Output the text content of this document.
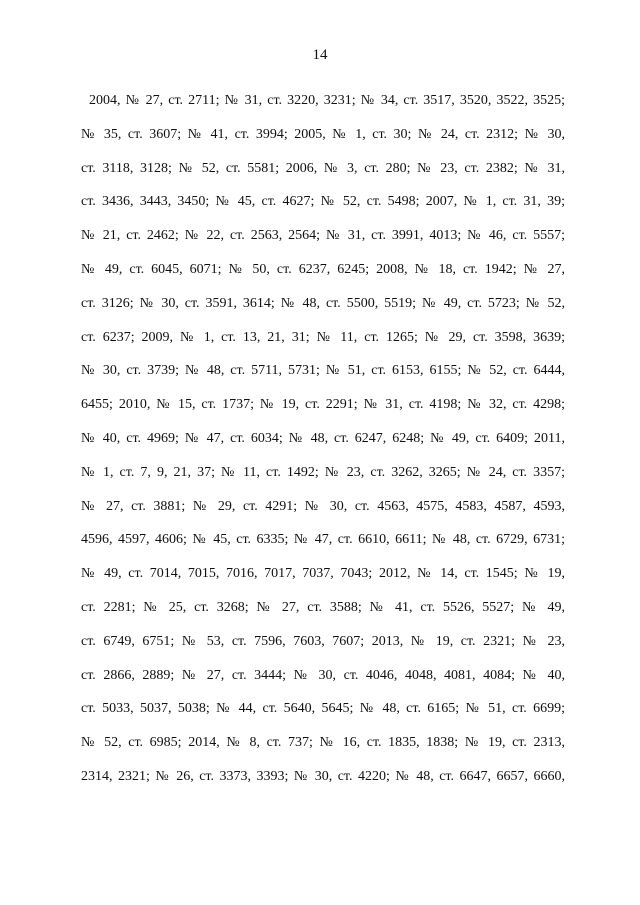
14
2004, № 27, ст. 2711; № 31, ст. 3220, 3231; № 34, ст. 3517, 3520, 3522, 3525;
№ 35, ст. 3607; № 41, ст. 3994; 2005, № 1, ст. 30; № 24, ст. 2312; № 30,
ст. 3118, 3128; № 52, ст. 5581; 2006, № 3, ст. 280; № 23, ст. 2382; № 31,
ст. 3436, 3443, 3450; № 45, ст. 4627; № 52, ст. 5498; 2007, № 1, ст. 31, 39;
№ 21, ст. 2462; № 22, ст. 2563, 2564; № 31, ст. 3991, 4013; № 46, ст. 5557;
№ 49, ст. 6045, 6071; № 50, ст. 6237, 6245; 2008, № 18, ст. 1942; № 27,
ст. 3126; № 30, ст. 3591, 3614; № 48, ст. 5500, 5519; № 49, ст. 5723; № 52,
ст. 6237; 2009, № 1, ст. 13, 21, 31; № 11, ст. 1265; № 29, ст. 3598, 3639;
№ 30, ст. 3739; № 48, ст. 5711, 5731; № 51, ст. 6153, 6155; № 52, ст. 6444,
6455; 2010, № 15, ст. 1737; № 19, ст. 2291; № 31, ст. 4198; № 32, ст. 4298;
№ 40, ст. 4969; № 47, ст. 6034; № 48, ст. 6247, 6248; № 49, ст. 6409; 2011,
№ 1, ст. 7, 9, 21, 37; № 11, ст. 1492; № 23, ст. 3262, 3265; № 24, ст. 3357;
№ 27, ст. 3881; № 29, ст. 4291; № 30, ст. 4563, 4575, 4583, 4587, 4593,
4596, 4597, 4606; № 45, ст. 6335; № 47, ст. 6610, 6611; № 48, ст. 6729, 6731;
№ 49, ст. 7014, 7015, 7016, 7017, 7037, 7043; 2012, № 14, ст. 1545; № 19,
ст. 2281; № 25, ст. 3268; № 27, ст. 3588; № 41, ст. 5526, 5527; № 49,
ст. 6749, 6751; № 53, ст. 7596, 7603, 7607; 2013, № 19, ст. 2321; № 23,
ст. 2866, 2889; № 27, ст. 3444; № 30, ст. 4046, 4048, 4081, 4084; № 40,
ст. 5033, 5037, 5038; № 44, ст. 5640, 5645; № 48, ст. 6165; № 51, ст. 6699;
№ 52, ст. 6985; 2014, № 8, ст. 737; № 16, ст. 1835, 1838; № 19, ст. 2313,
2314, 2321; № 26, ст. 3373, 3393; № 30, ст. 4220; № 48, ст. 6647, 6657, 6660,
